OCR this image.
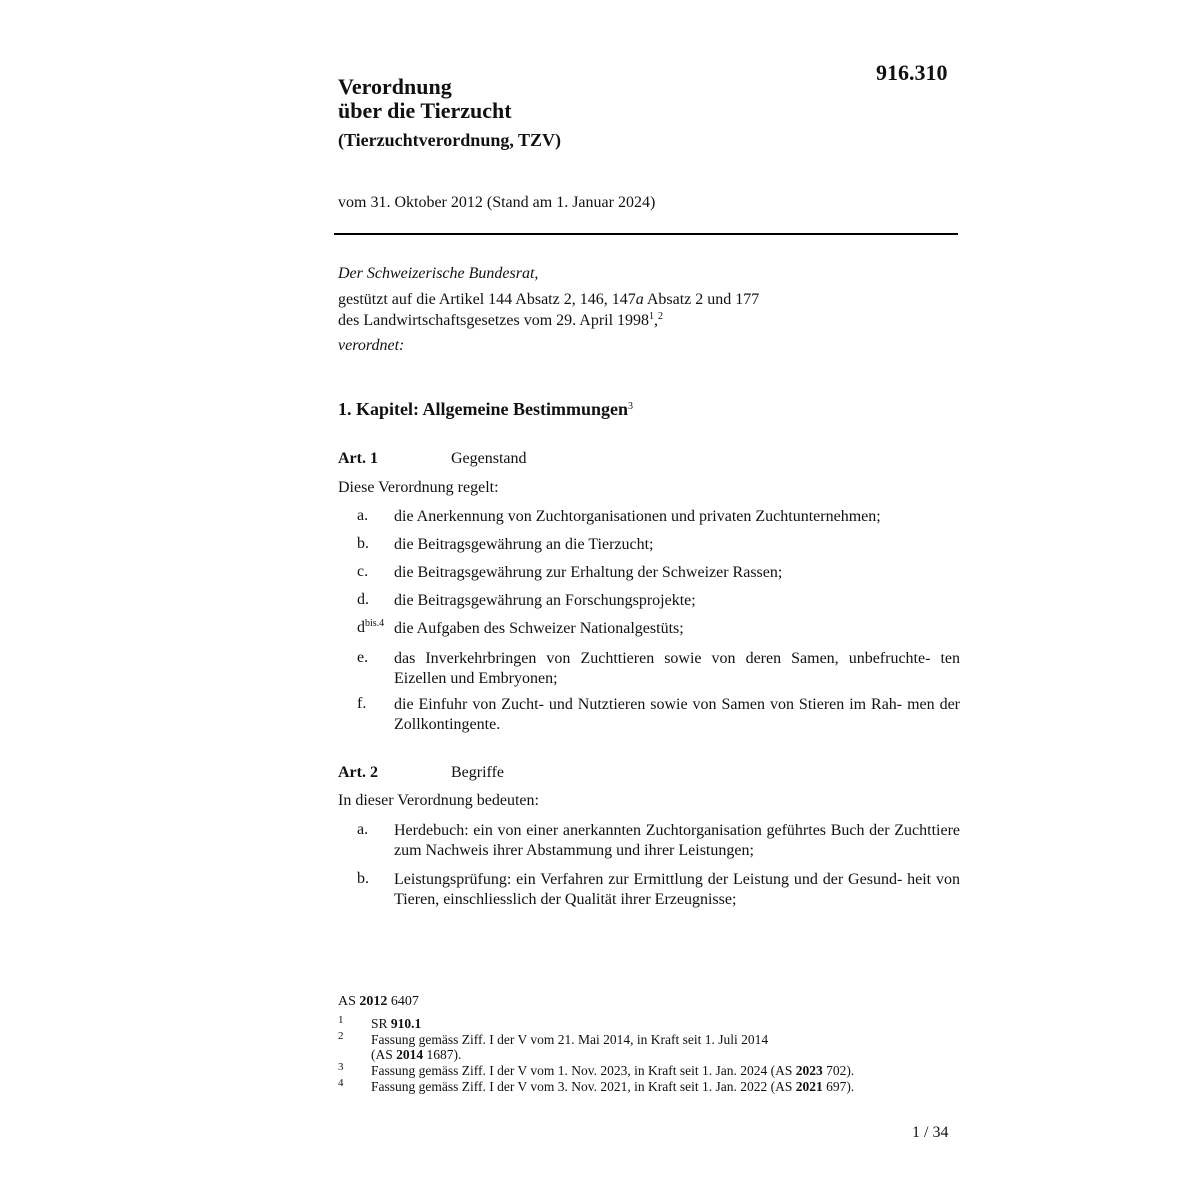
916.310
Verordnung
über die Tierzucht
(Tierzuchtverordnung, TZV)
vom 31. Oktober 2012 (Stand am 1. Januar 2024)
Der Schweizerische Bundesrat,
gestützt auf die Artikel 144 Absatz 2, 146, 147a Absatz 2 und 177
des Landwirtschaftsgesetzes vom 29. April 1998$^1$,$^2$
verordnet:
1. Kapitel: Allgemeine Bestimmungen$^3$
Art. 1	Gegenstand
Diese Verordnung regelt:
a. die Anerkennung von Zuchtorganisationen und privaten Zuchtunternehmen;
b. die Beitragsgewährung an die Tierzucht;
c. die Beitragsgewährung zur Erhaltung der Schweizer Rassen;
d. die Beitragsgewährung an Forschungsprojekte;
$d^{bis.4}$ die Aufgaben des Schweizer Nationalgestüts;
e. das Inverkehrbringen von Zuchttieren sowie von deren Samen, unbefruchte- ten Eizellen und Embryonen;
f. die Einfuhr von Zucht- und Nutztieren sowie von Samen von Stieren im Rah- men der Zollkontingente.
Art. 2	Begriffe
In dieser Verordnung bedeuten:
a. Herdebuch: ein von einer anerkannten Zuchtorganisation geführtes Buch der Zuchttiere zum Nachweis ihrer Abstammung und ihrer Leistungen;
b. Leistungsprüfung: ein Verfahren zur Ermittlung der Leistung und der Gesund- heit von Tieren, einschliesslich der Qualität ihrer Erzeugnisse;
AS 2012 6407
1 SR 910.1
2 Fassung gemäss Ziff. I der V vom 21. Mai 2014, in Kraft seit 1. Juli 2014
(AS 2014 1687).
3 Fassung gemäss Ziff. I der V vom 1. Nov. 2023, in Kraft seit 1. Jan. 2024 (AS 2023 702).
4 Fassung gemäss Ziff. I der V vom 3. Nov. 2021, in Kraft seit 1. Jan. 2022 (AS 2021 697).
1 / 34
